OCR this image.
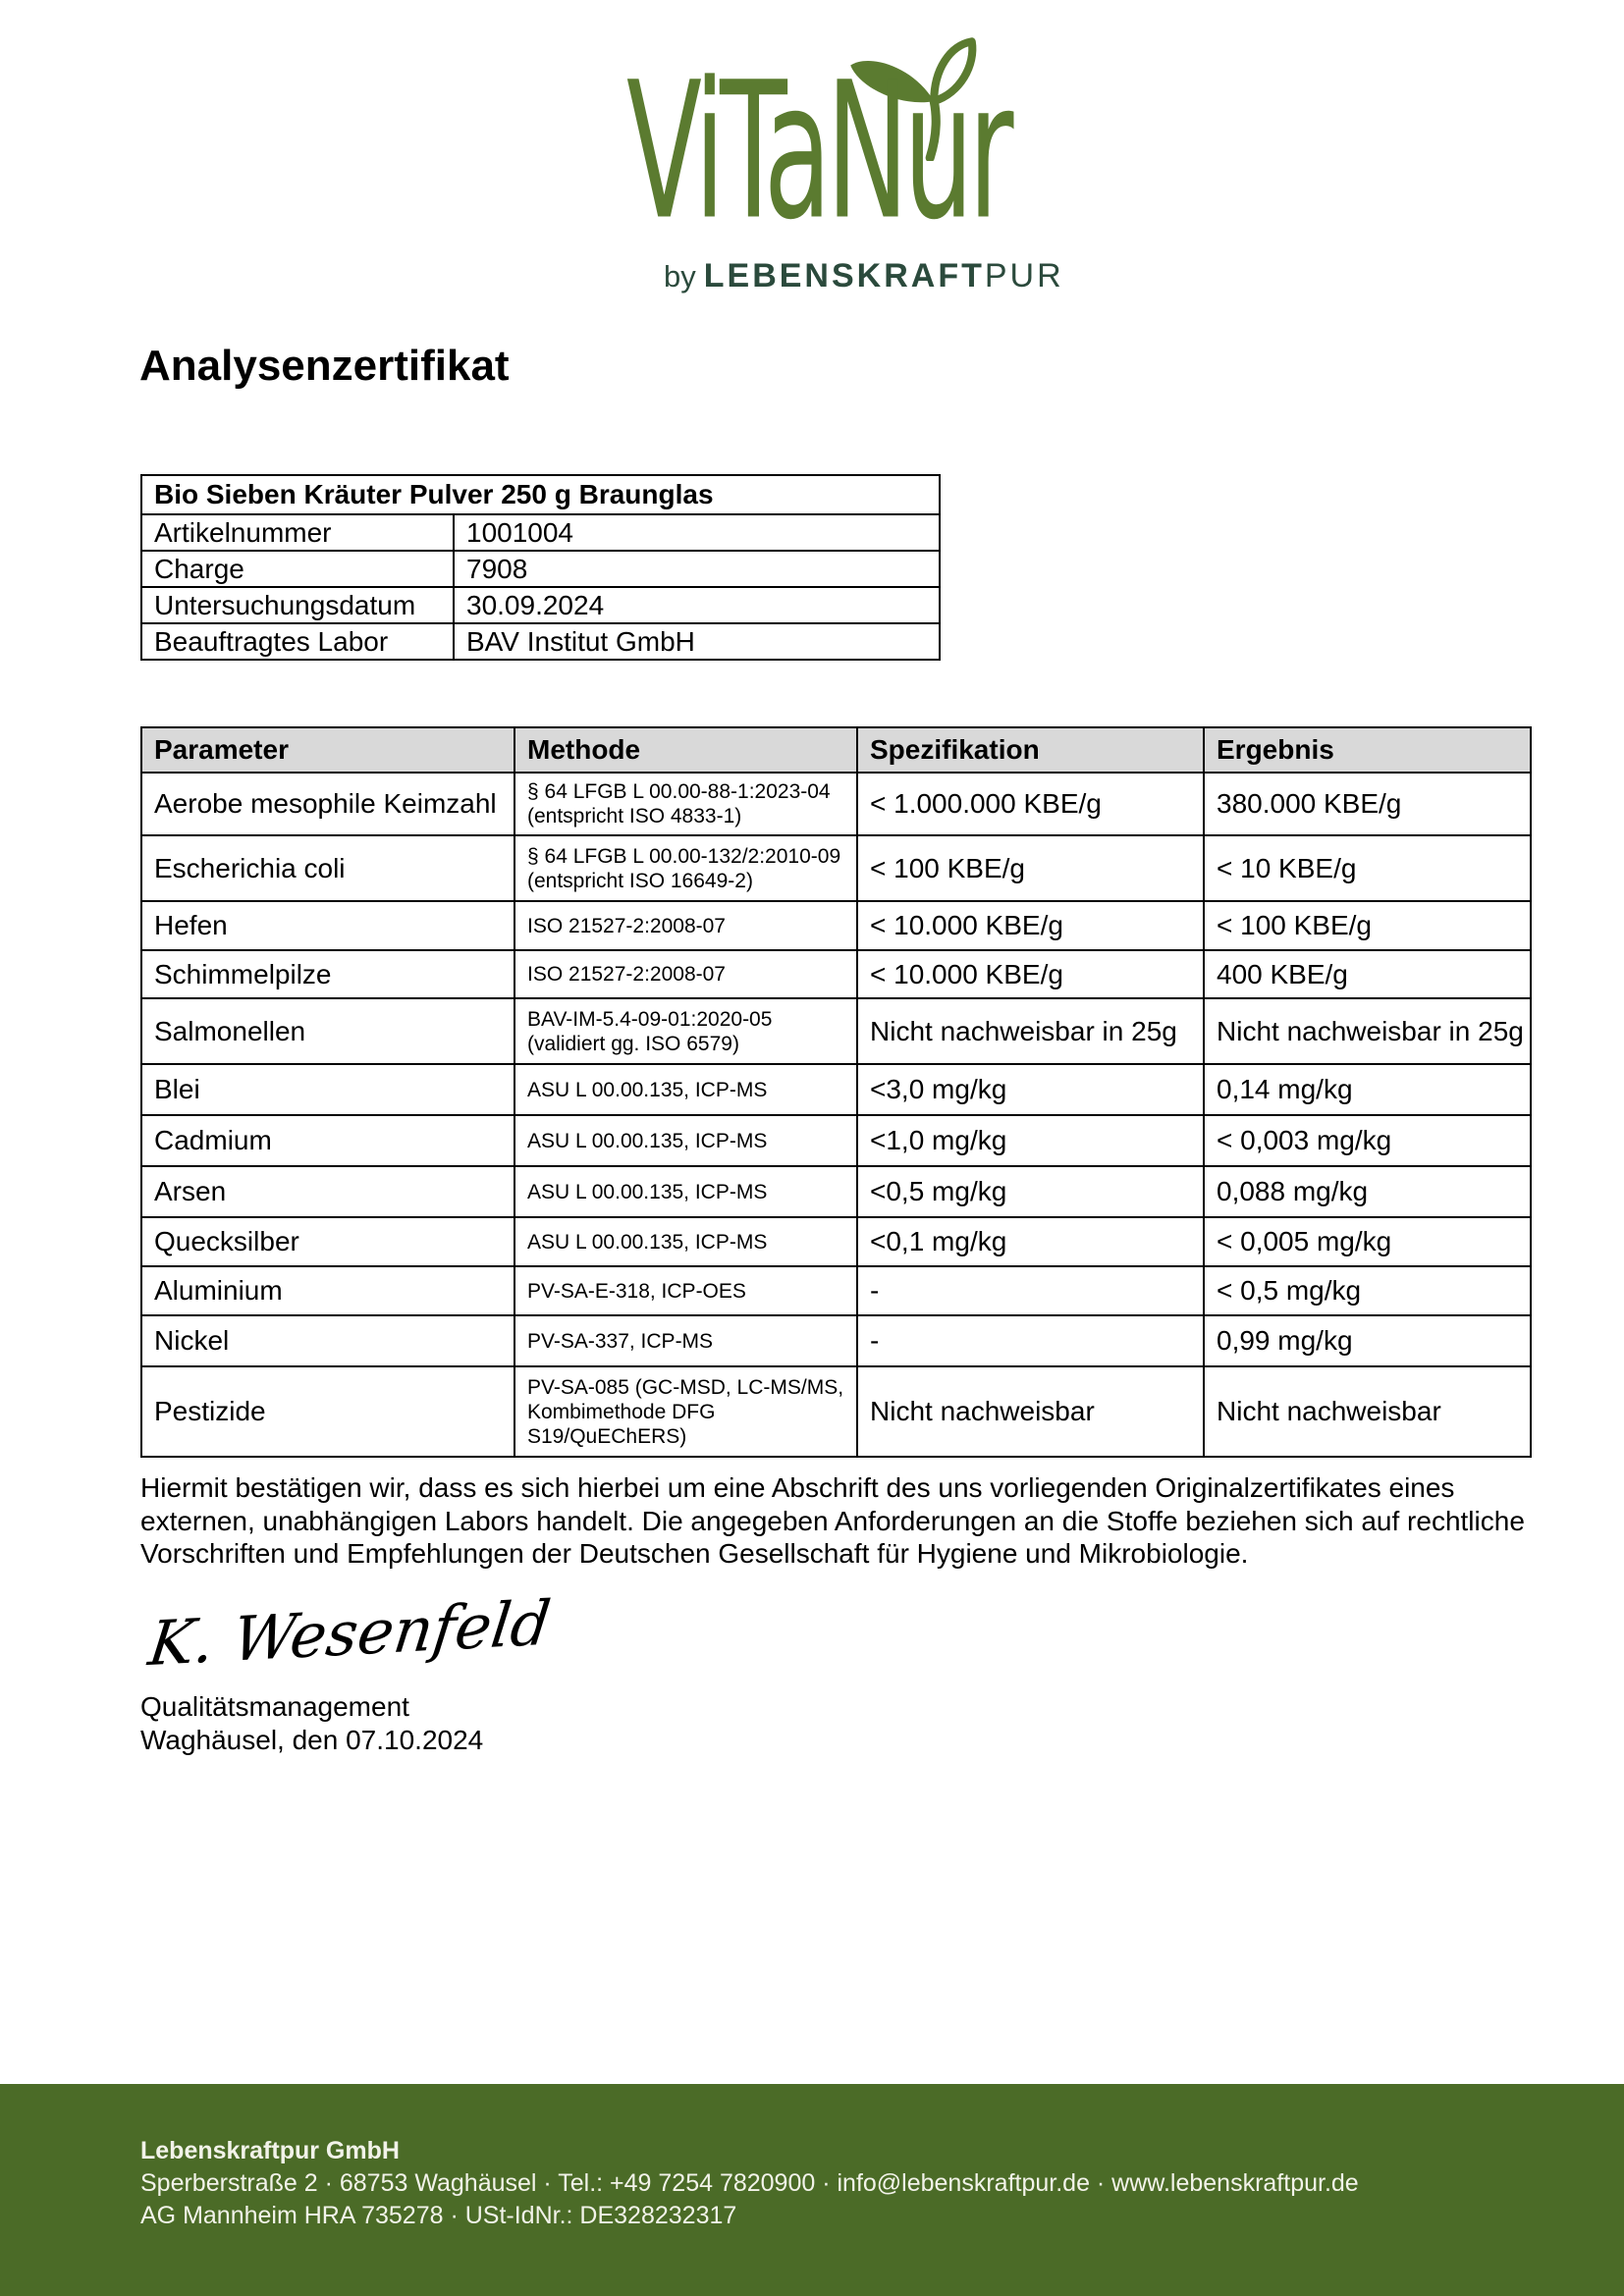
ViTaNur
by LEBENSKRAFTPUR
Analysenzertifikat
Bio Sieben Kräuter Pulver 250 g Braunglas	
Artikelnummer	1001004
Charge	7908
Untersuchungsdatum	30.09.2024
Beauftragtes Labor	BAV Institut GmbH
Parameter	Methode	Spezifikation	Ergebnis
Aerobe mesophile Keimzahl	§ 64 LFGB L 00.00-88-1:2023-04 (entspricht ISO 4833-1)	< 1.000.000 KBE/g	380.000 KBE/g
Escherichia coli	§ 64 LFGB L 00.00-132/2:2010-09 (entspricht ISO 16649-2)	< 100 KBE/g	< 10 KBE/g
Hefen	ISO 21527-2:2008-07	< 10.000 KBE/g	< 100 KBE/g
Schimmelpilze	ISO 21527-2:2008-07	< 10.000 KBE/g	400 KBE/g
Salmonellen	BAV-IM-5.4-09-01:2020-05 (validiert gg. ISO 6579)	Nicht nachweisbar in 25g	Nicht nachweisbar in 25g
Blei	ASU L 00.00.135, ICP-MS	<3,0 mg/kg	0,14 mg/kg
Cadmium	ASU L 00.00.135, ICP-MS	<1,0 mg/kg	< 0,003 mg/kg
Arsen	ASU L 00.00.135, ICP-MS	<0,5 mg/kg	0,088 mg/kg
Quecksilber	ASU L 00.00.135, ICP-MS	<0,1 mg/kg	< 0,005 mg/kg
Aluminium	PV-SA-E-318, ICP-OES	-	< 0,5 mg/kg
Nickel	PV-SA-337, ICP-MS	-	0,99 mg/kg
Pestizide	PV-SA-085 (GC-MSD, LC-MS/MS, Kombimethode DFG S19/QuEChERS)	Nicht nachweisbar	Nicht nachweisbar
Hiermit bestätigen wir, dass es sich hierbei um eine Abschrift des uns vorliegenden Originalzertifikates eines
externen, unabhängigen Labors handelt. Die angegeben Anforderungen an die Stoffe beziehen sich auf rechtliche
Vorschriften und Empfehlungen der Deutschen Gesellschaft für Hygiene und Mikrobiologie.
K. Wesenfeld
Qualitätsmanagement
Waghäusel, den 07.10.2024
Lebenskraftpur GmbH
Sperberstraße 2 · 68753 Waghäusel · Tel.: +49 7254 7820900 · info@lebenskraftpur.de · www.lebenskraftpur.de
AG Mannheim HRA 735278 · USt-IdNr.: DE328232317
